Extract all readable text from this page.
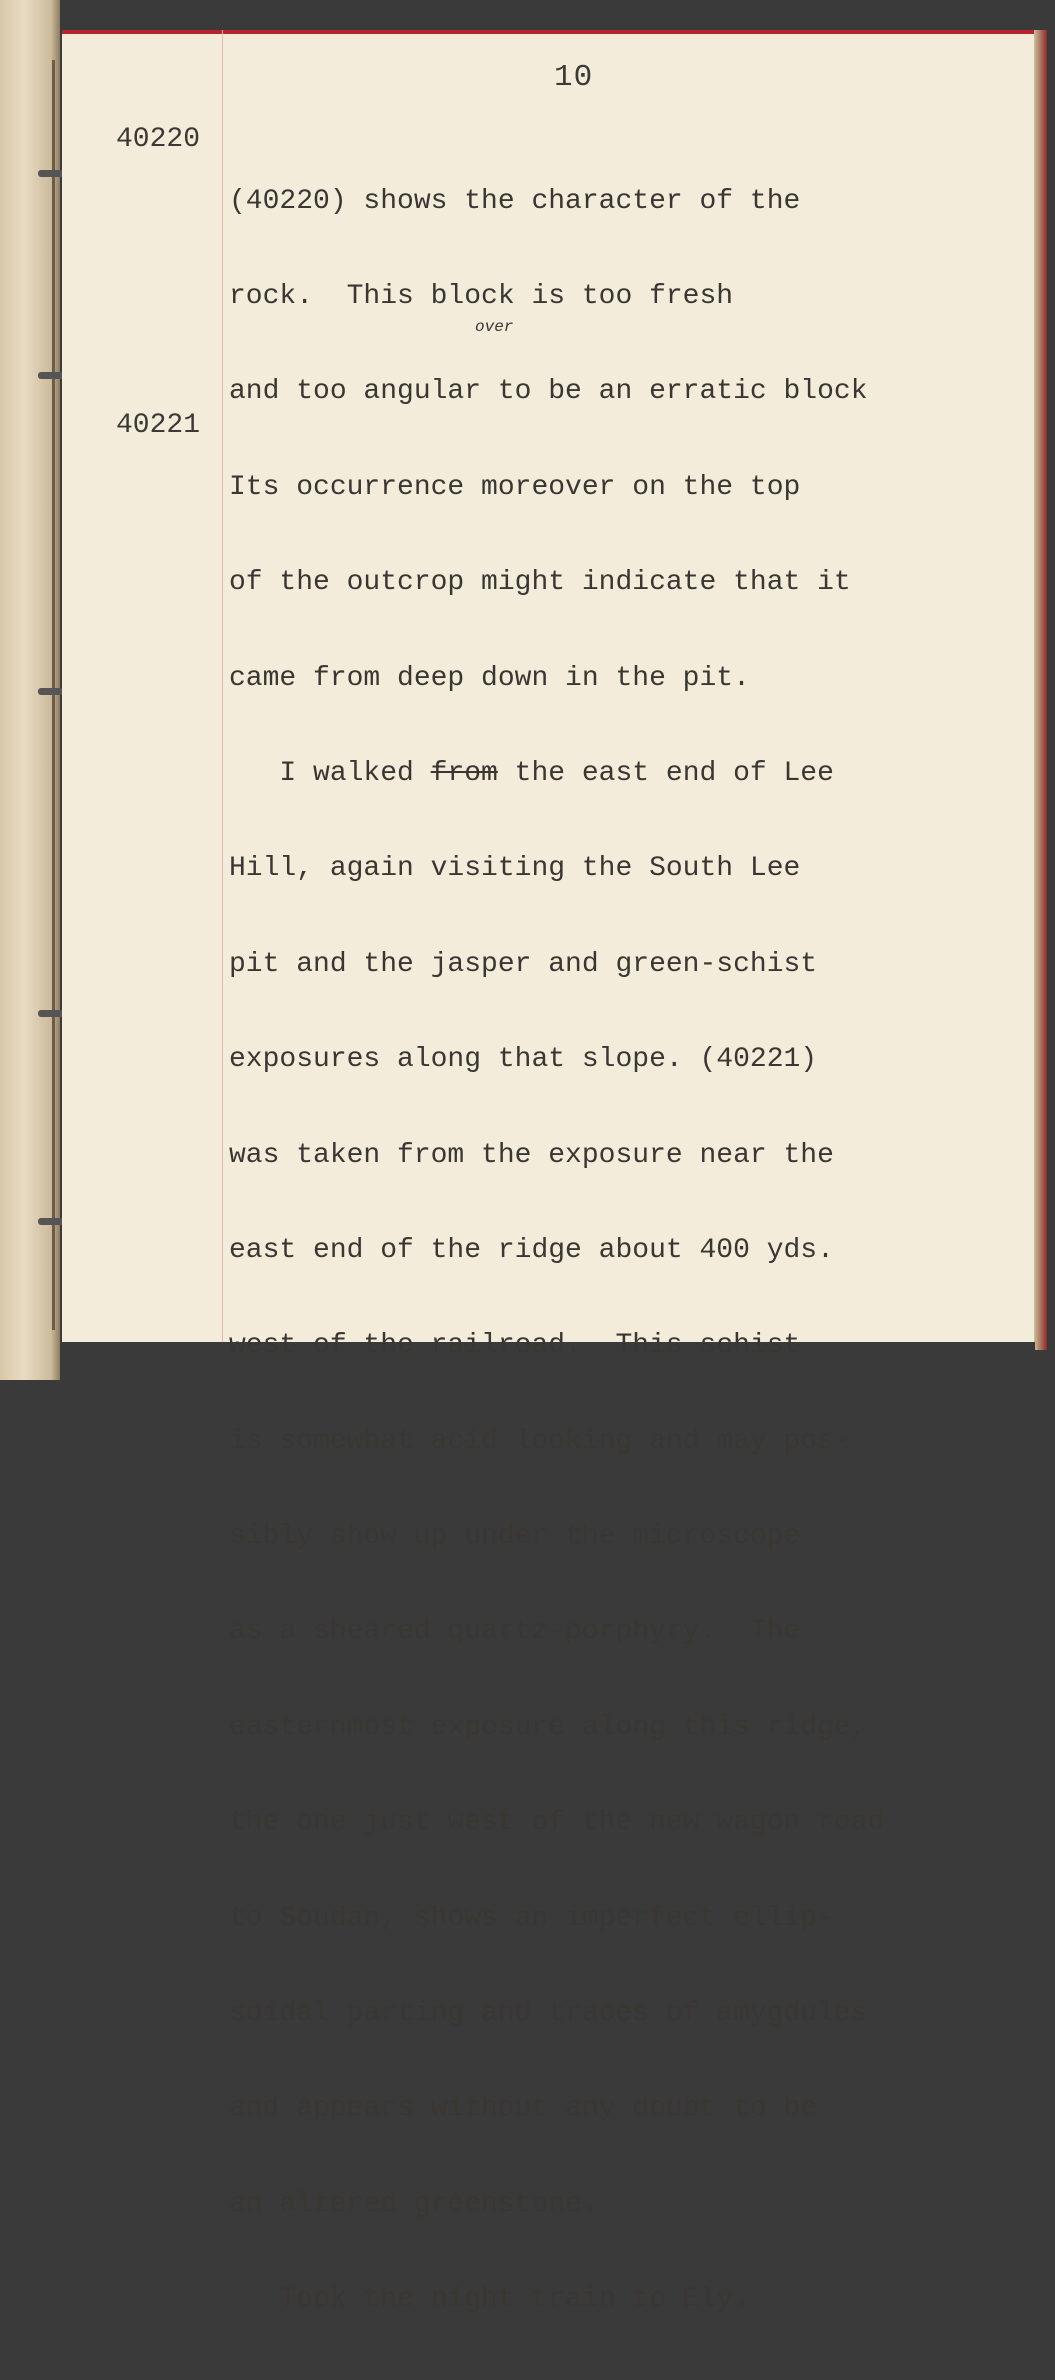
10
40220
40221
over

(40220) shows the character of the

rock.  This block is too fresh

and too angular to be an erratic block

Its occurrence moreover on the top

of the outcrop might indicate that it

came from deep down in the pit.

I walked from the east end of Lee

Hill, again visiting the South Lee

pit and the jasper and green-schist

exposures along that slope. (40221)

was taken from the exposure near the

east end of the ridge about 400 yds.

west of the railroad.  This schist

is somewhat acid looking and may pos-

sibly show up under the microscope

as a sheared quartz-porphyry.  The

easternmost exposure along this ridge,

the one just west of the new wagon road

to Soudan, shows an imperfect ellip-

soidal parting and traces of amygdules

and appears without any doubt to be

an altered greenstone.

Took the night train to Ely.
